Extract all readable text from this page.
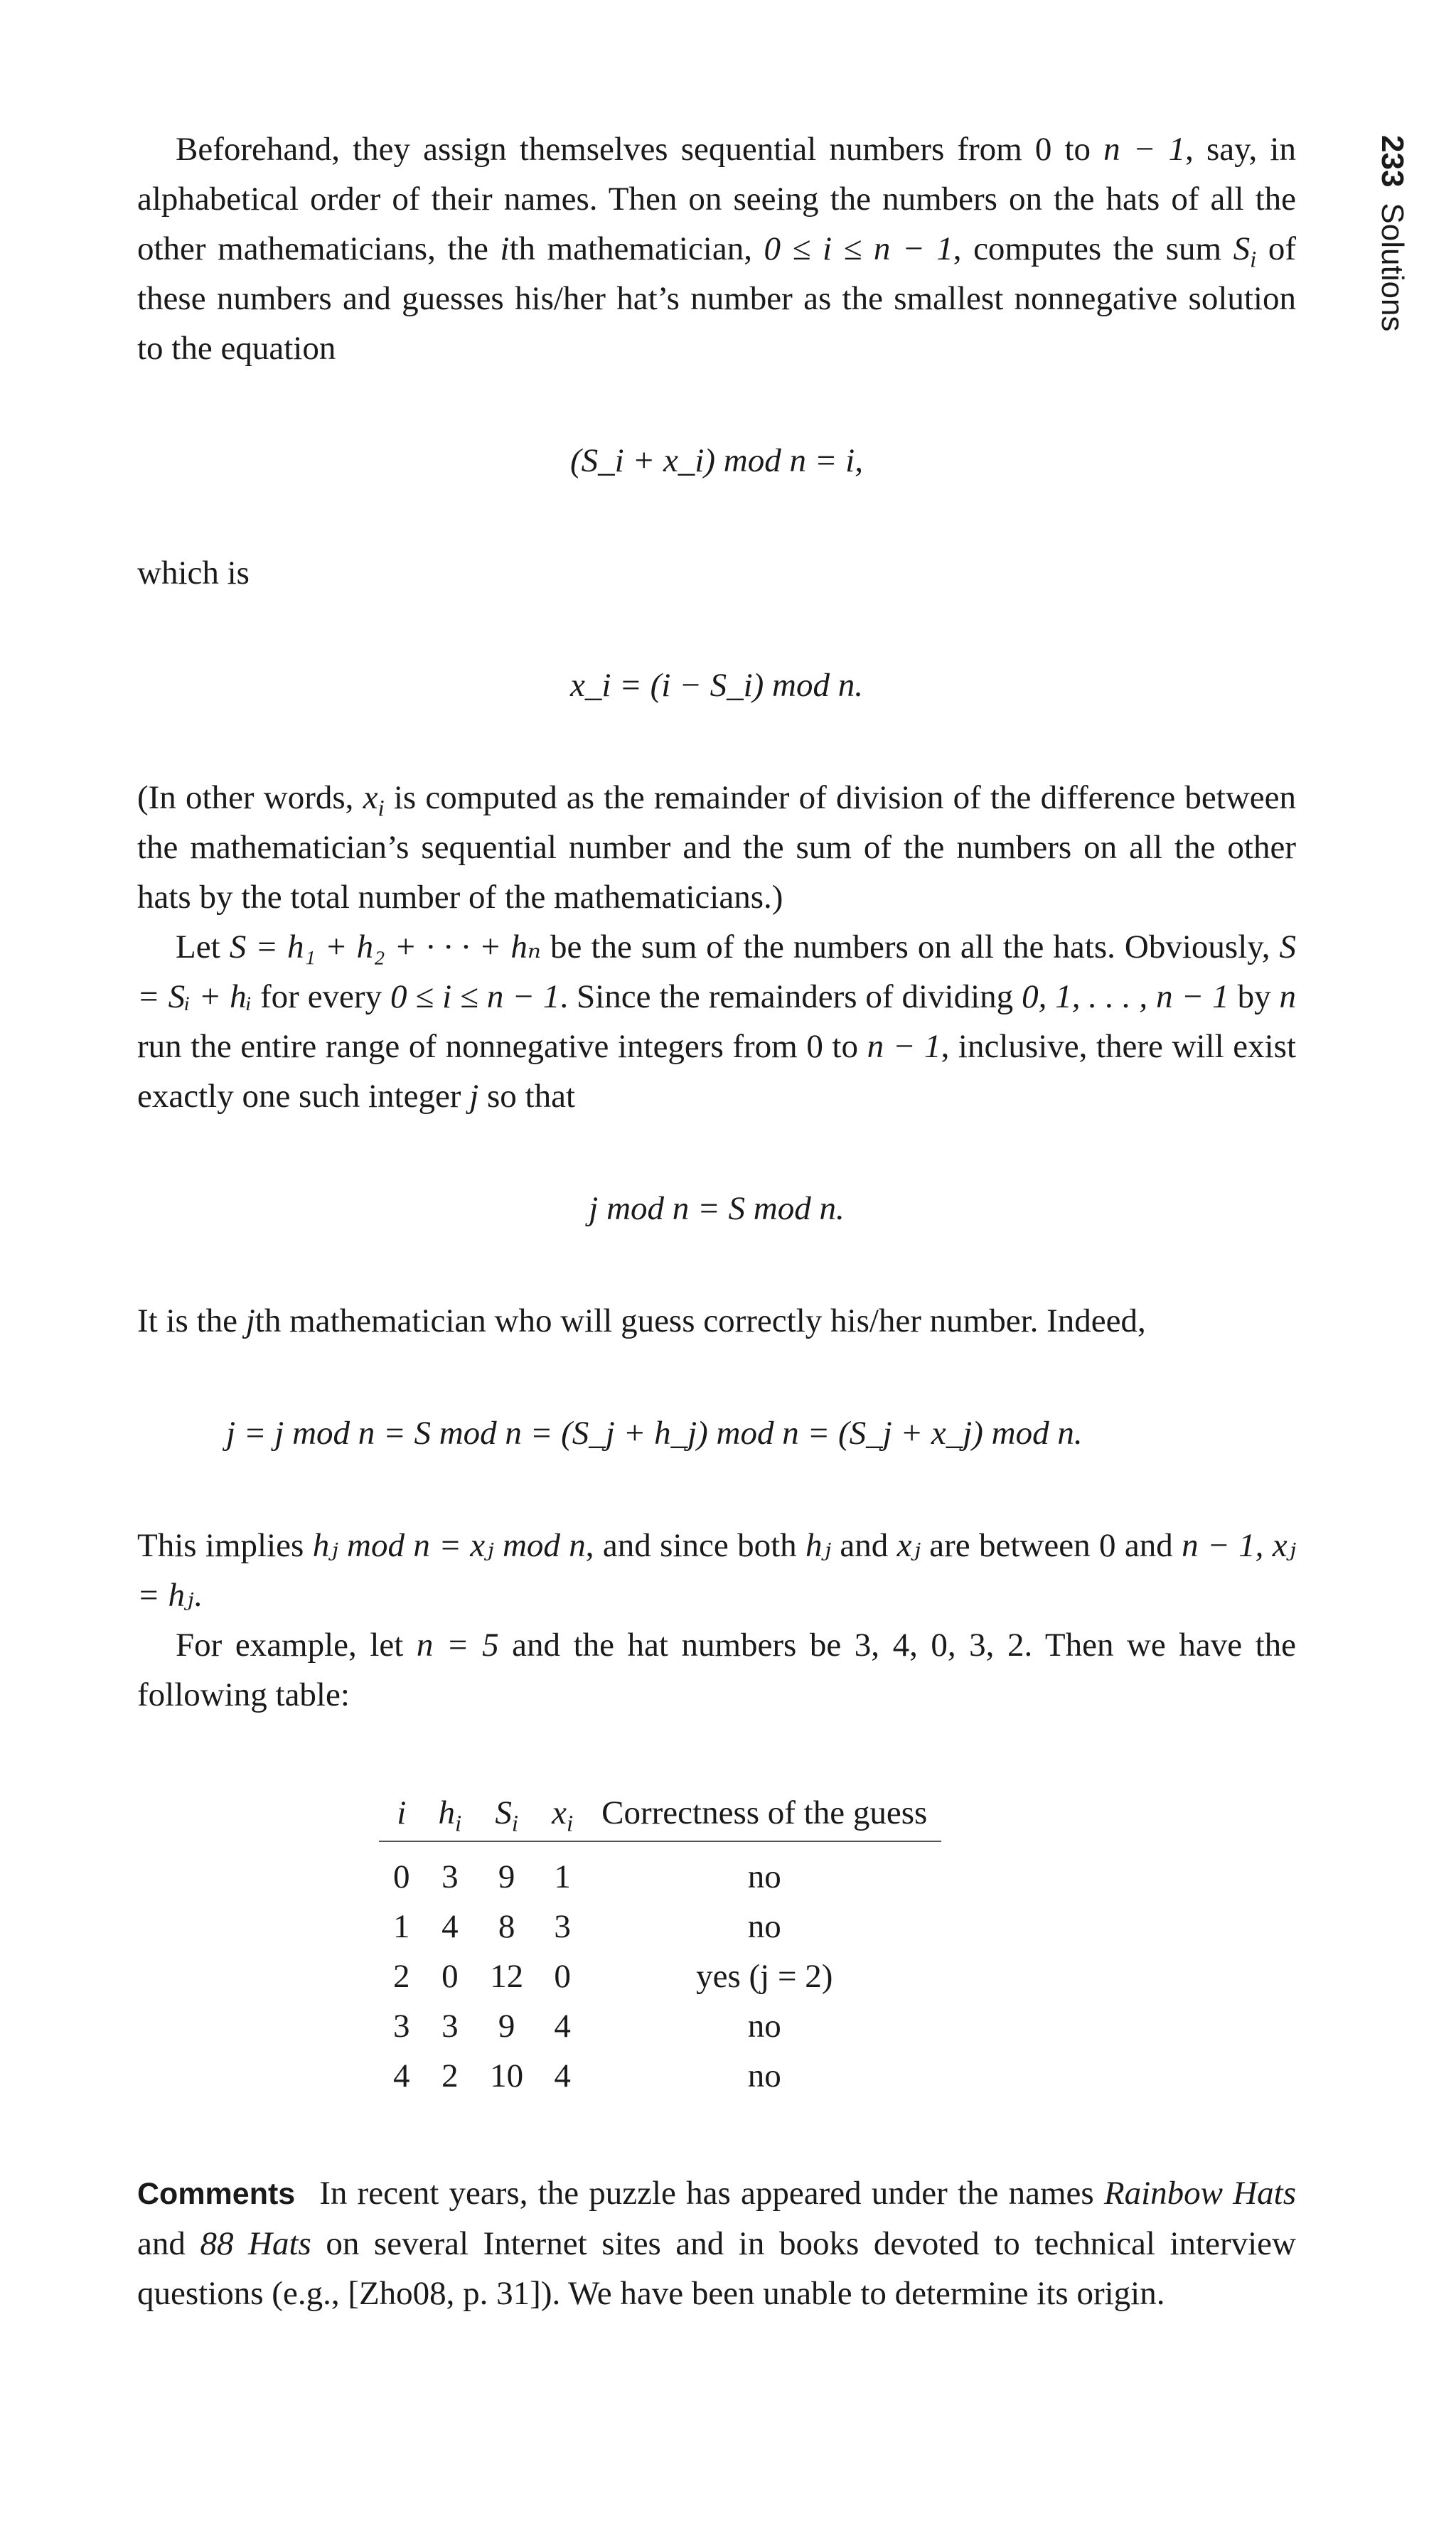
233Solutions

Beforehand, they assign themselves sequential numbers from 0 to n − 1, say, in alphabetical order of their names. Then on seeing the numbers on the hats of all the other mathematicians, the ith mathematician, 0 ≤ i ≤ n − 1, computes the sum $S_i$ of these numbers and guesses his/her hat’s number as the smallest nonnegative solution to the equation

(S_i + x_i) mod n = i,

which is

x_i = (i − S_i) mod n.

(In other words, $x_i$ is computed as the remainder of division of the difference between the mathematician’s sequential number and the sum of the numbers on all the other hats by the total number of the mathematicians.)

Let S = h₁ + h₂ + · · · + hₙ be the sum of the numbers on all the hats. Obviously, S = Sᵢ + hᵢ for every 0 ≤ i ≤ n − 1. Since the remainders of dividing 0, 1, . . . , n − 1 by n run the entire range of nonnegative integers from 0 to n − 1, inclusive, there will exist exactly one such integer j so that

j mod n = S mod n.

It is the jth mathematician who will guess correctly his/her number. Indeed,

j = j mod n = S mod n = (S_j + h_j) mod n = (S_j + x_j) mod n.

This implies hⱼ mod n = xⱼ mod n, and since both hⱼ and xⱼ are between 0 and n − 1, xⱼ = hⱼ.

For example, let n = 5 and the hat numbers be 3, 4, 0, 3, 2. Then we have the following table:

i	$h_i$	$S_i$	$x_i$	Correctness of the guess
0	3	9	1	no
1	4	8	3	no
2	0	12	0	yes (j = 2)
3	3	9	4	no
4	2	10	4	no

Comments In recent years, the puzzle has appeared under the names Rainbow Hats and 88 Hats on several Internet sites and in books devoted to technical interview questions (e.g., [Zho08, p. 31]). We have been unable to determine its origin.
